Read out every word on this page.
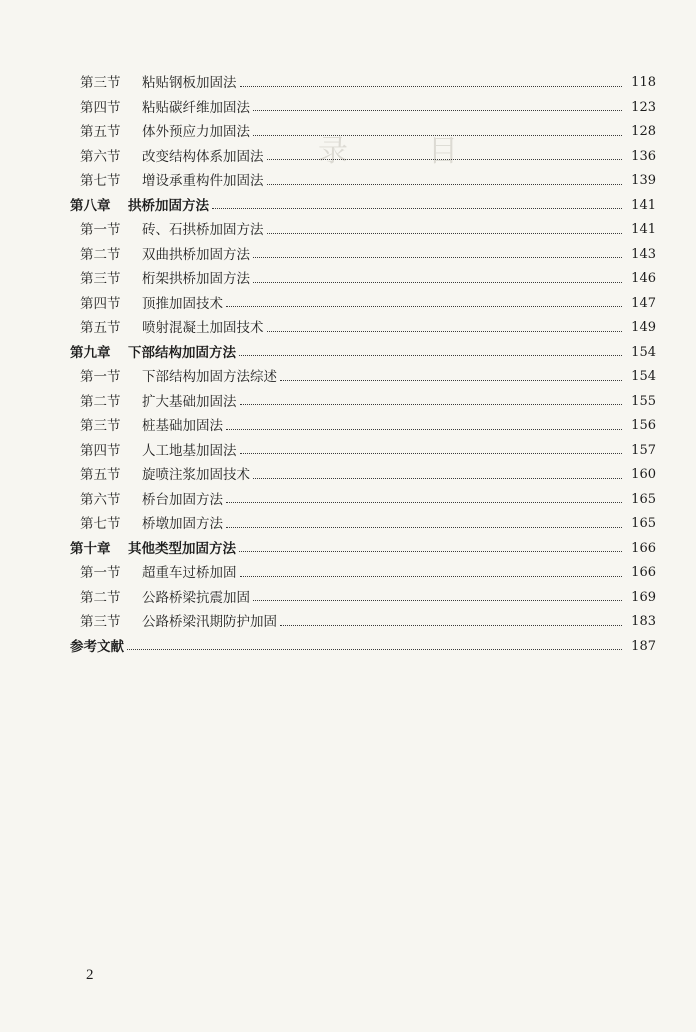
录	目
第三节	粘贴钢板加固法	118
第四节	粘贴碳纤维加固法	123
第五节	体外预应力加固法	128
第六节	改变结构体系加固法	136
第七节	增设承重构件加固法	139
第八章	拱桥加固方法	141
第一节	砖、石拱桥加固方法	141
第二节	双曲拱桥加固方法	143
第三节	桁架拱桥加固方法	146
第四节	顶推加固技术	147
第五节	喷射混凝土加固技术	149
第九章	下部结构加固方法	154
第一节	下部结构加固方法综述	154
第二节	扩大基础加固法	155
第三节	桩基础加固法	156
第四节	人工地基加固法	157
第五节	旋喷注浆加固技术	160
第六节	桥台加固方法	165
第七节	桥墩加固方法	165
第十章	其他类型加固方法	166
第一节	超重车过桥加固	166
第二节	公路桥梁抗震加固	169
第三节	公路桥梁汛期防护加固	183
参考文献	187
2
